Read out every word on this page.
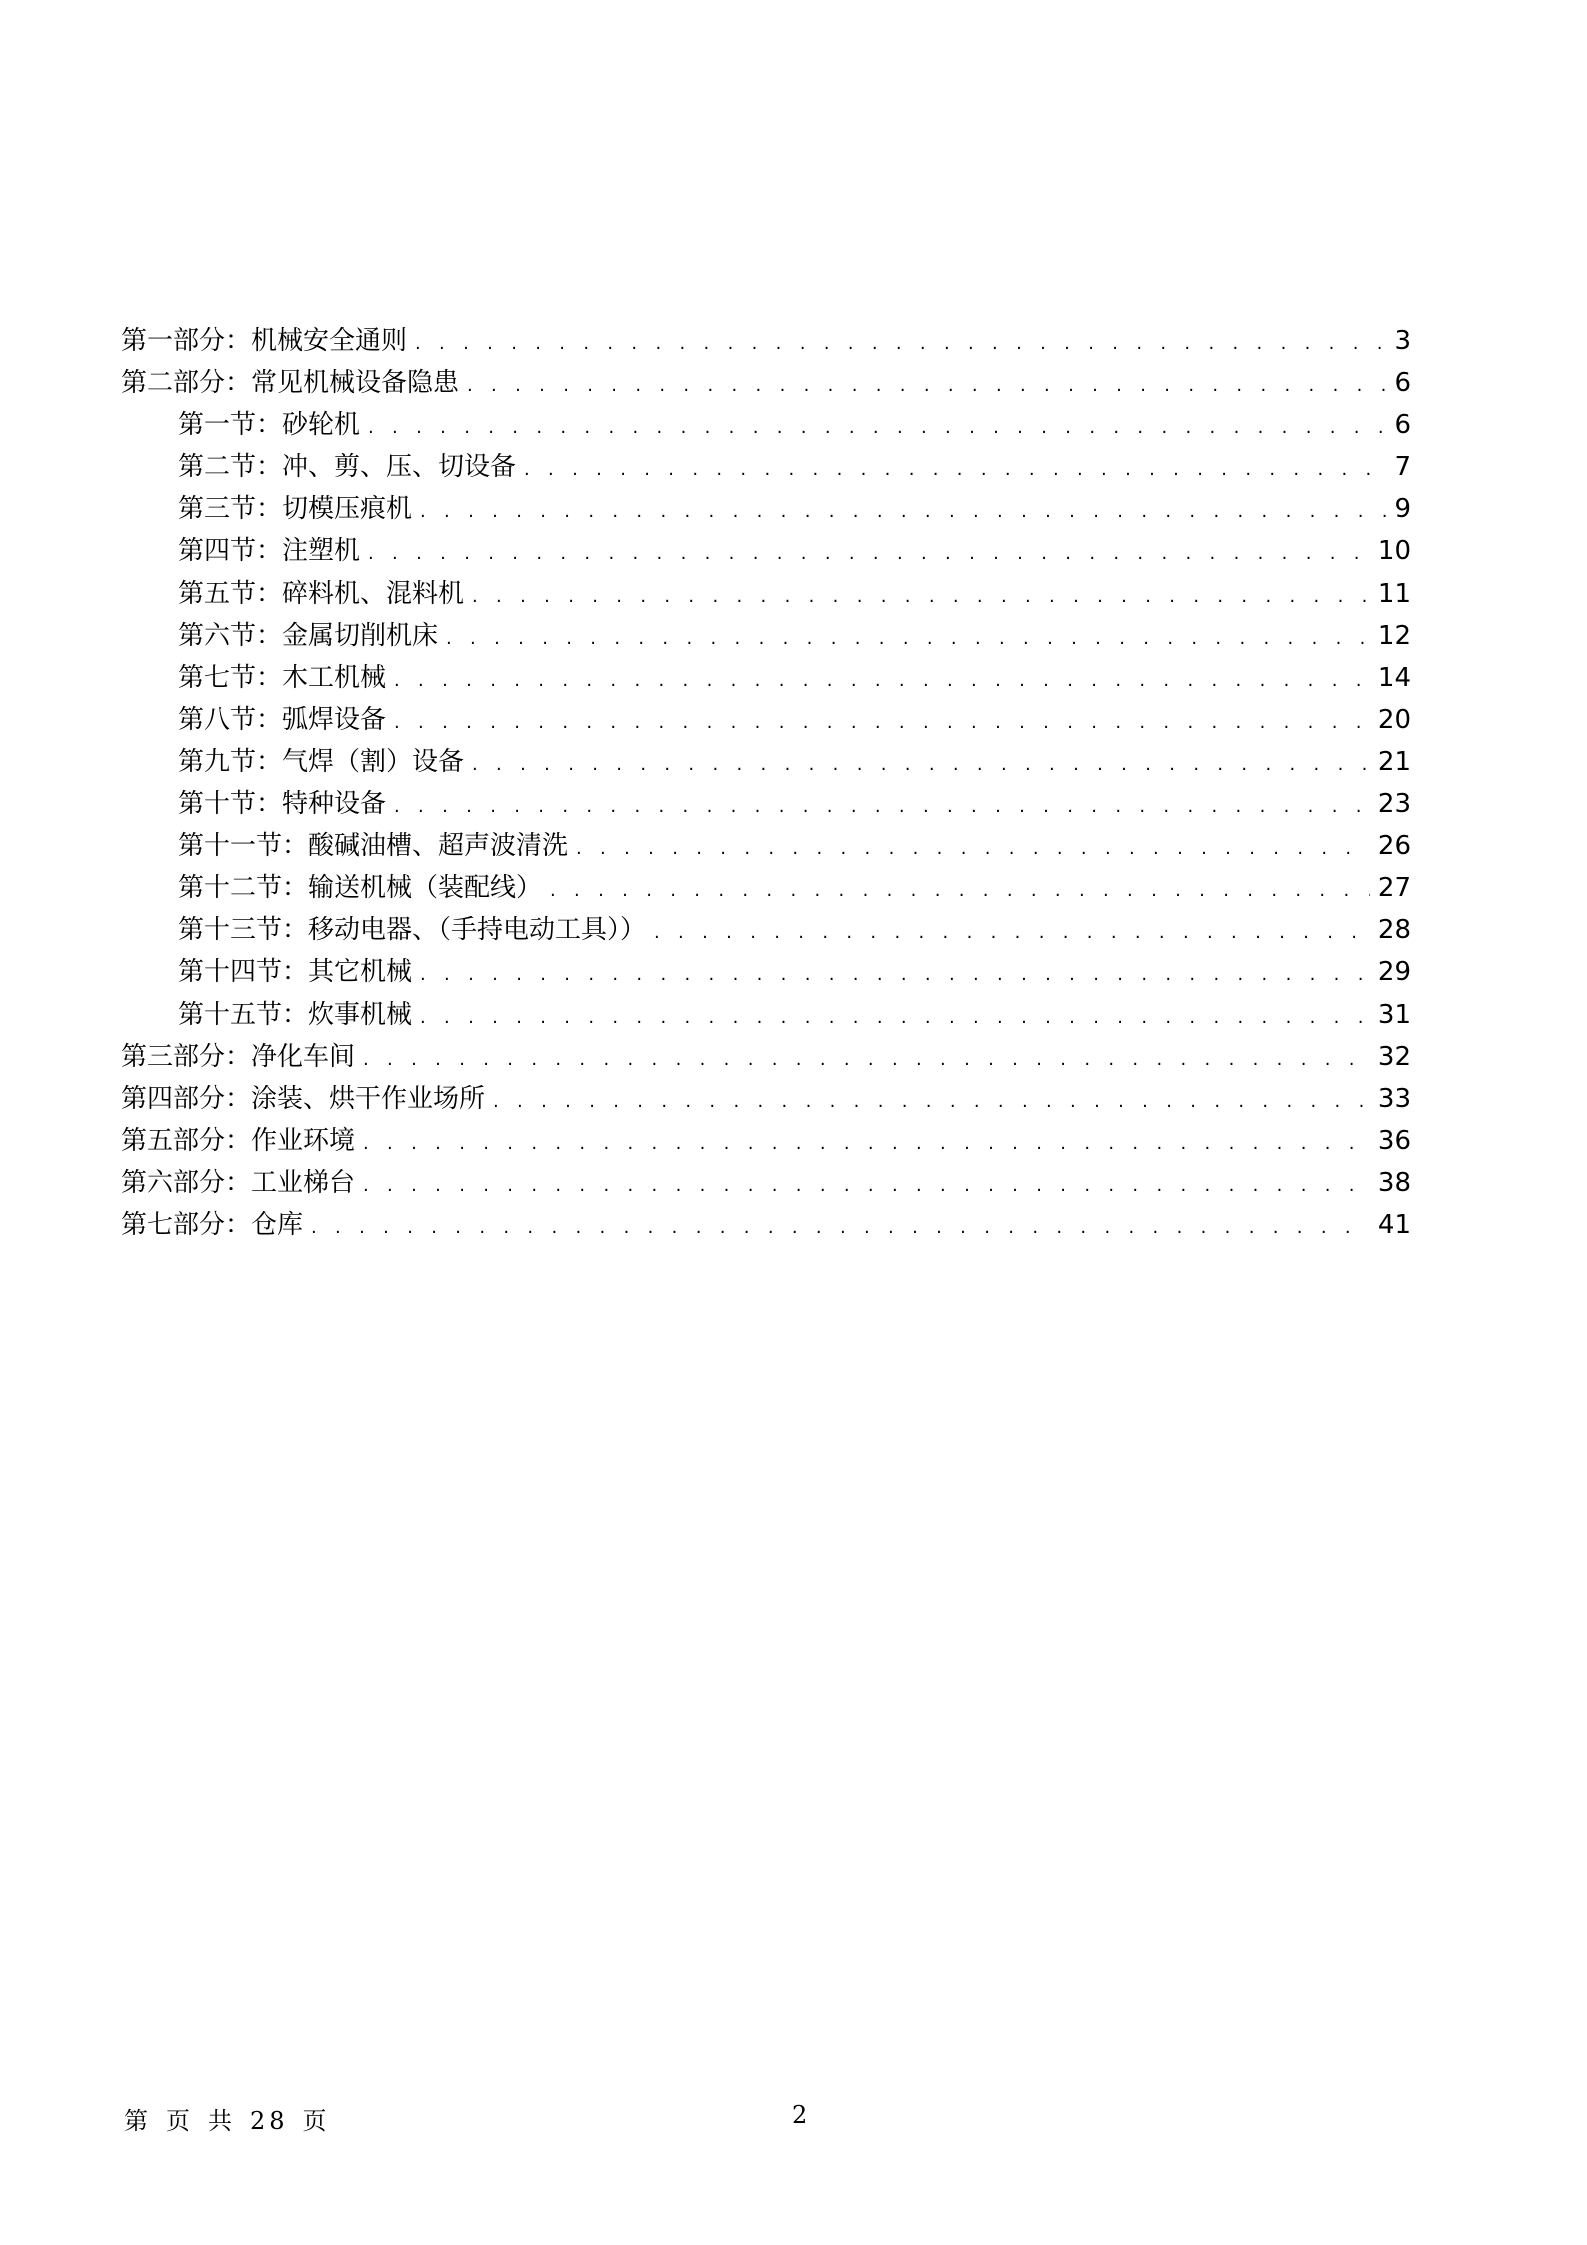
第一部分：机械安全通则 . . .	3
第二部分：常见机械设备隐患 . . .	6
第一节：砂轮机 . . .	6
第二节：冲、剪、压、切设备 . . .	7
第三节：切模压痕机 . . .	9
第四节：注塑机 . . .	10
第五节：碎料机、混料机 . . .	11
第六节：金属切削机床 . . .	12
第七节：木工机械 . . .	14
第八节：弧焊设备 . . .	20
第九节：气焊（割）设备 . . .	21
第十节：特种设备 . . .	23
第十一节：酸碱油槽、超声波清洗 . . .	26
第十二节：输送机械（装配线） . . .	27
第十三节：移动电器、（手持电动工具）） . . .	28
第十四节：其它机械 . . .	29
第十五节：炊事机械 . . .	31
第三部分：净化车间 . . .	32
第四部分：涂装、烘干作业场所 . . .	33
第五部分：作业环境 . . .	36
第六部分：工业梯台 . . .	38
第七部分：仓库 . . .	41
第 页 共 28 页	2
